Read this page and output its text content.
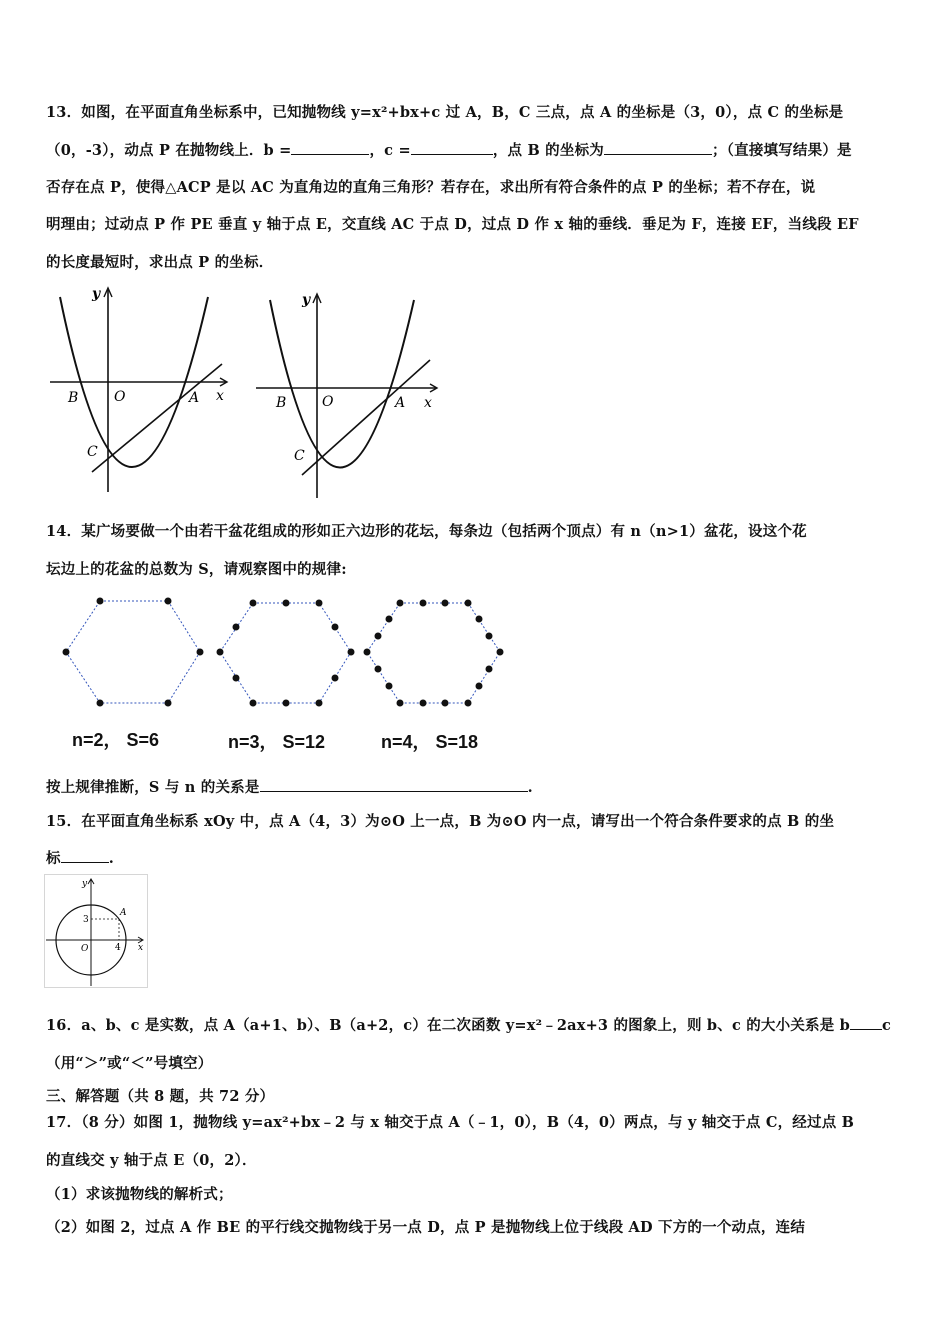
13．如图，在平面直角坐标系中，已知抛物线 y=x²+bx+c 过 A，B，C 三点，点 A 的坐标是（3，0），点 C 的坐标是
（0，-3），动点 P 在抛物线上．b =	，c =	，点 B 的坐标为	；（直接填写结果）是
否存在点 P，使得△ACP 是以 AC 为直角边的直角三角形？若存在，求出所有符合条件的点 P 的坐标；若不存在，说
明理由；过动点 P 作 PE 垂直 y 轴于点 E，交直线 AC 于点 D，过点 D 作 x 轴的垂线．垂足为 F，连接 EF，当线段 EF
的长度最短时，求出点 P 的坐标．
y
x
B	O	A
C
y
x
B	O	A
C
14．某广场要做一个由若干盆花组成的形如正六边形的花坛，每条边（包括两个顶点）有 n（n>1）盆花，设这个花
坛边上的花盆的总数为 S，请观察图中的规律:
n=2， S=6	n=3， S=12	n=4， S=18
按上规律推断，S 与 n 的关系是	.
15．在平面直角坐标系 xOy 中，点 A（4，3）为⊙O 上一点，B 为⊙O 内一点，请写出一个符合条件要求的点 B 的坐
标	.
y
x
O
A
3
4
16．a、b、c 是实数，点 A（a+1、b）、B（a+2，c）在二次函数 y=x²﹣2ax+3 的图象上，则 b、c 的大小关系是 b c
（用“＞”或“＜”号填空）
三、解答题（共 8 题，共 72 分）
17．（8 分）如图 1，抛物线 y=ax²+bx﹣2 与 x 轴交于点 A（﹣1，0），B（4，0）两点，与 y 轴交于点 C，经过点 B
的直线交 y 轴于点 E（0，2）．
（1）求该抛物线的解析式；
（2）如图 2，过点 A 作 BE 的平行线交抛物线于另一点 D，点 P 是抛物线上位于线段 AD 下方的一个动点，连结
